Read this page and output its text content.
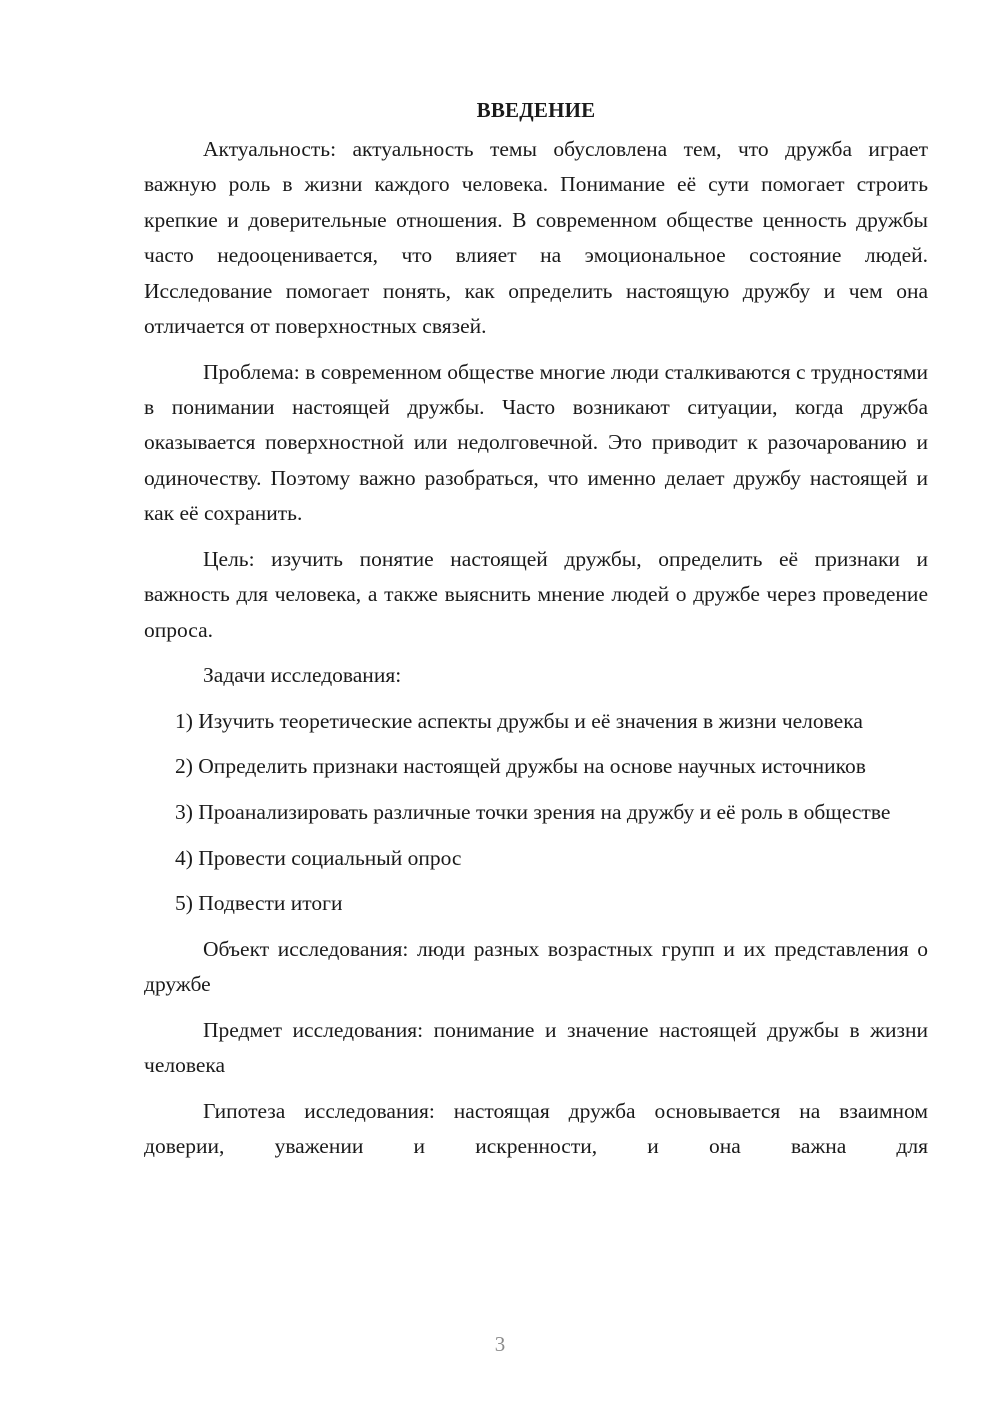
ВВЕДЕНИЕ

Актуальность: актуальность темы обусловлена тем, что дружба играет важную роль в жизни каждого человека. Понимание её сути помогает строить крепкие и доверительные отношения. В современном обществе ценность дружбы часто недооценивается, что влияет на эмоциональное состояние людей. Исследование помогает понять, как определить настоящую дружбу и чем она отличается от поверхностных связей.

Проблема: в современном обществе многие люди сталкиваются с трудностями в понимании настоящей дружбы. Часто возникают ситуации, когда дружба оказывается поверхностной или недолговечной. Это приводит к разочарованию и одиночеству. Поэтому важно разобраться, что именно делает дружбу настоящей и как её сохранить.

Цель: изучить понятие настоящей дружбы, определить её признаки и важность для человека, а также выяснить мнение людей о дружбе через проведение опроса.

Задачи исследования:

1) Изучить теоретические аспекты дружбы и её значения в жизни человека

2) Определить признаки настоящей дружбы на основе научных источников

3) Проанализировать различные точки зрения на дружбу и её роль в обществе

4) Провести социальный опрос

5) Подвести итоги

Объект исследования: люди разных возрастных групп и их представления о дружбе

Предмет исследования: понимание и значение настоящей дружбы в жизни человека

Гипотеза исследования: настоящая дружба основывается на взаимном доверии, уважении и искренности, и она важна для

3
